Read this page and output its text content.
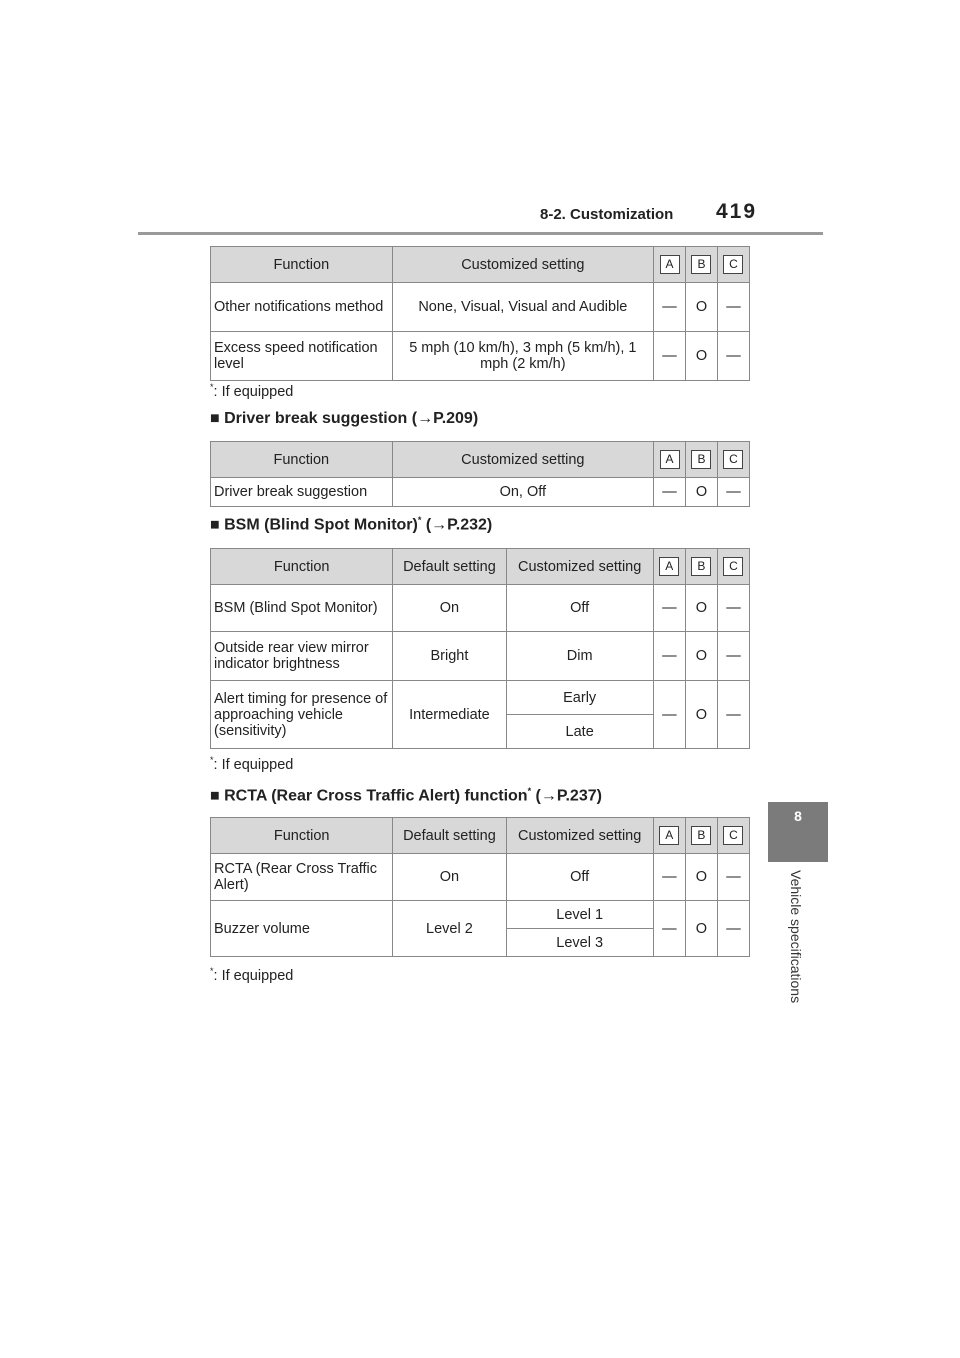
8-2. Customization 419
8
Vehicle specifications
Function	Customized setting	A	B	C
Other notifications method	None, Visual, Visual and Audible	—	O	—
Excess speed notification level	5 mph (10 km/h), 3 mph (5 km/h), 1 mph (2 km/h)	—	O	—
*: If equipped
■ Driver break suggestion (→P.209)
Function	Customized setting	A	B	C
Driver break suggestion	On, Off	—	O	—
■ BSM (Blind Spot Monitor)* (→P.232)
Function	Default setting	Customized setting	A	B	C
BSM (Blind Spot Monitor)	On	Off	—	O	—
Outside rear view mirror indicator brightness	Bright	Dim	—	O	—
Alert timing for presence of approaching vehicle (sensitivity)	Intermediate	Early	—	O	—
		Late			
*: If equipped
■ RCTA (Rear Cross Traffic Alert) function* (→P.237)
Function	Default setting	Customized setting	A	B	C
RCTA (Rear Cross Traffic Alert)	On	Off	—	O	—
Buzzer volume	Level 2	Level 1	—	O	—
		Level 3			
*: If equipped
